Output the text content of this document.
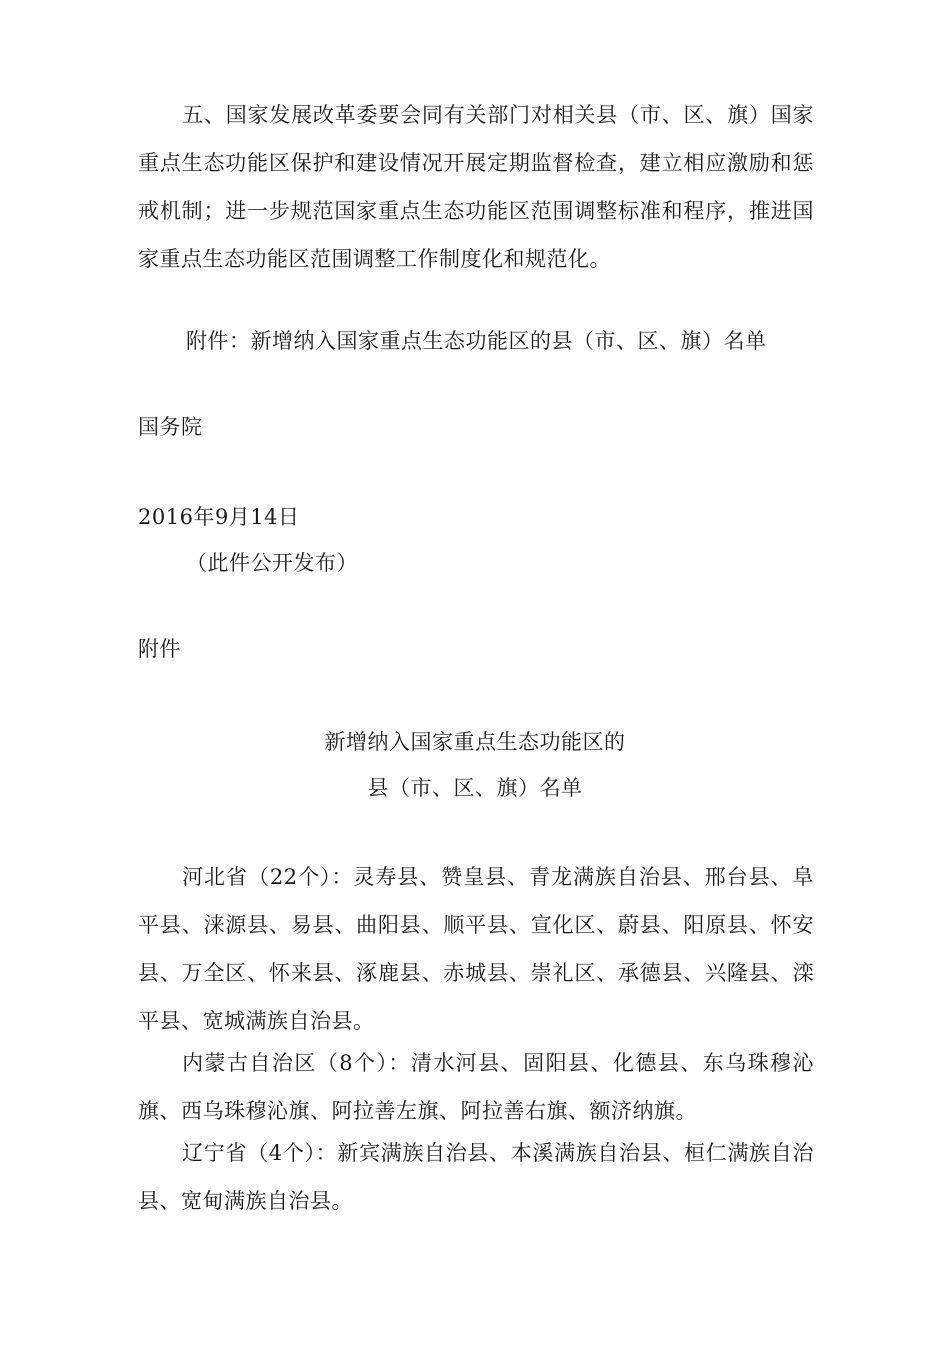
五、国家发展改革委要会同有关部门对相关县（市、区、旗）国家重点生态功能区保护和建设情况开展定期监督检查，建立相应激励和惩戒机制；进一步规范国家重点生态功能区范围调整标准和程序，推进国家重点生态功能区范围调整工作制度化和规范化。

附件：新增纳入国家重点生态功能区的县（市、区、旗）名单

国务院

2016年9月14日

（此件公开发布）

附件

新增纳入国家重点生态功能区的

县（市、区、旗）名单

河北省（22个）：灵寿县、赞皇县、青龙满族自治县、邢台县、阜平县、涞源县、易县、曲阳县、顺平县、宣化区、蔚县、阳原县、怀安县、万全区、怀来县、涿鹿县、赤城县、崇礼区、承德县、兴隆县、滦平县、宽城满族自治县。

内蒙古自治区（8个）：清水河县、固阳县、化德县、东乌珠穆沁旗、西乌珠穆沁旗、阿拉善左旗、阿拉善右旗、额济纳旗。

辽宁省（4个）：新宾满族自治县、本溪满族自治县、桓仁满族自治县、宽甸满族自治县。
